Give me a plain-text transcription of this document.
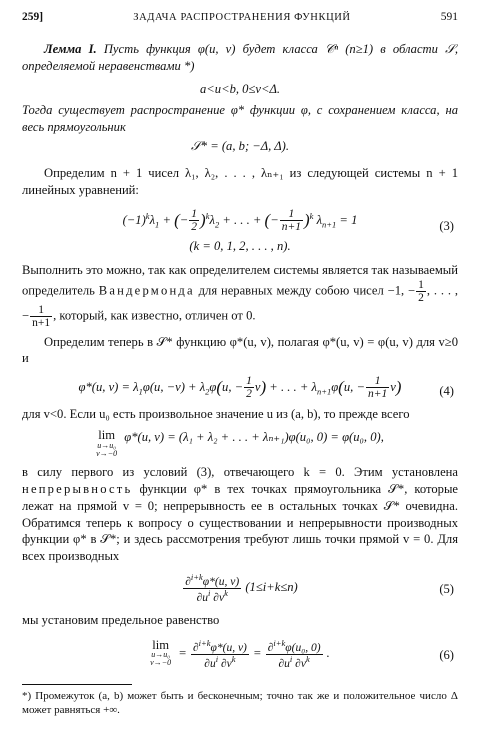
259]	ЗАДАЧА РАСПРОСТРАНЕНИЯ ФУНКЦИЙ	591

Лемма I. Пусть функция φ(u, v) будет класса 𝒞ⁿ (n≥1) в области 𝒮, определяемой неравенствами *)

a<u<b, 0≤v<Δ.

Тогда существует распространение φ* функции φ, с сохранением класса, на весь прямоугольник

𝒮* = (a, b; −Δ, Δ).

Определим n + 1 чисел λ₁, λ₂, . . . , λₙ₊₁ из следующей системы n + 1 линейных уравнений:

$(-1)^k\lambda_1$ + (− $\frac{1}{2} )^k\lambda_2$ + . . . + (− $\frac{1}{n+1} )^k$ $\lambda_{n+1} = 1$	(3)

(k = 0, 1, 2, . . . , n).

Выполнить это можно, так как определителем системы является так называемый определитель Вандермонда для неравных между собою чисел −1, − $\frac{1}{2}$ , . . . , − $\frac{1}{n+1}$ , который, как известно, отличен от 0.

Определим теперь в 𝒮* функцию φ*(u, v), полагая φ*(u, v) = φ(u, v) для v≥0 и

φ*(u, $v) = \lambda_1\varphi(u$, $-v) + \lambda_2\varphi(u$, − $\frac{1}{2} v$) + . . . + $\lambda_{n+1}\varphi(u$, − $\frac{1}{n+1} v$)	(4)

для v<0. Если u₀ есть произвольное значение u из (a, b), то прежде всего

lim
u→u₀
v→−0
φ*(u, v) = (λ₁ + λ₂ + . . . + λₙ₊₁)φ(u₀, 0) = φ(u₀, 0),

в силу первого из условий (3), отвечающего k = 0. Этим установлена непрерывность функции φ* в тех точках прямоугольника 𝒮*, которые лежат на прямой v = 0; непрерывность ее в остальных точках 𝒮* очевидна. Обратимся теперь к вопросу о существовании и непрерывности производных функции φ* в 𝒮*; и здесь рассмотрения требуют лишь точки прямой v = 0. Для всех производных

$\frac{\partial^{i+k}\varphi*(u, v)}{\partial u^i \partial v^k} (1\le i+k\le n)$	(5)

мы установим предельное равенство

lim
u→u₀
v→−0
= $\frac{\partial^{i+k}\varphi*(u, v)}{\partial u^i \partial v^k} = \frac{\partial^{i+k}\varphi(u_0, 0)}{\partial u^i \partial v^k}$ .	(6)

*) Промежуток (a, b) может быть и бесконечным; точно так же и положительное число Δ может равняться +∞.
